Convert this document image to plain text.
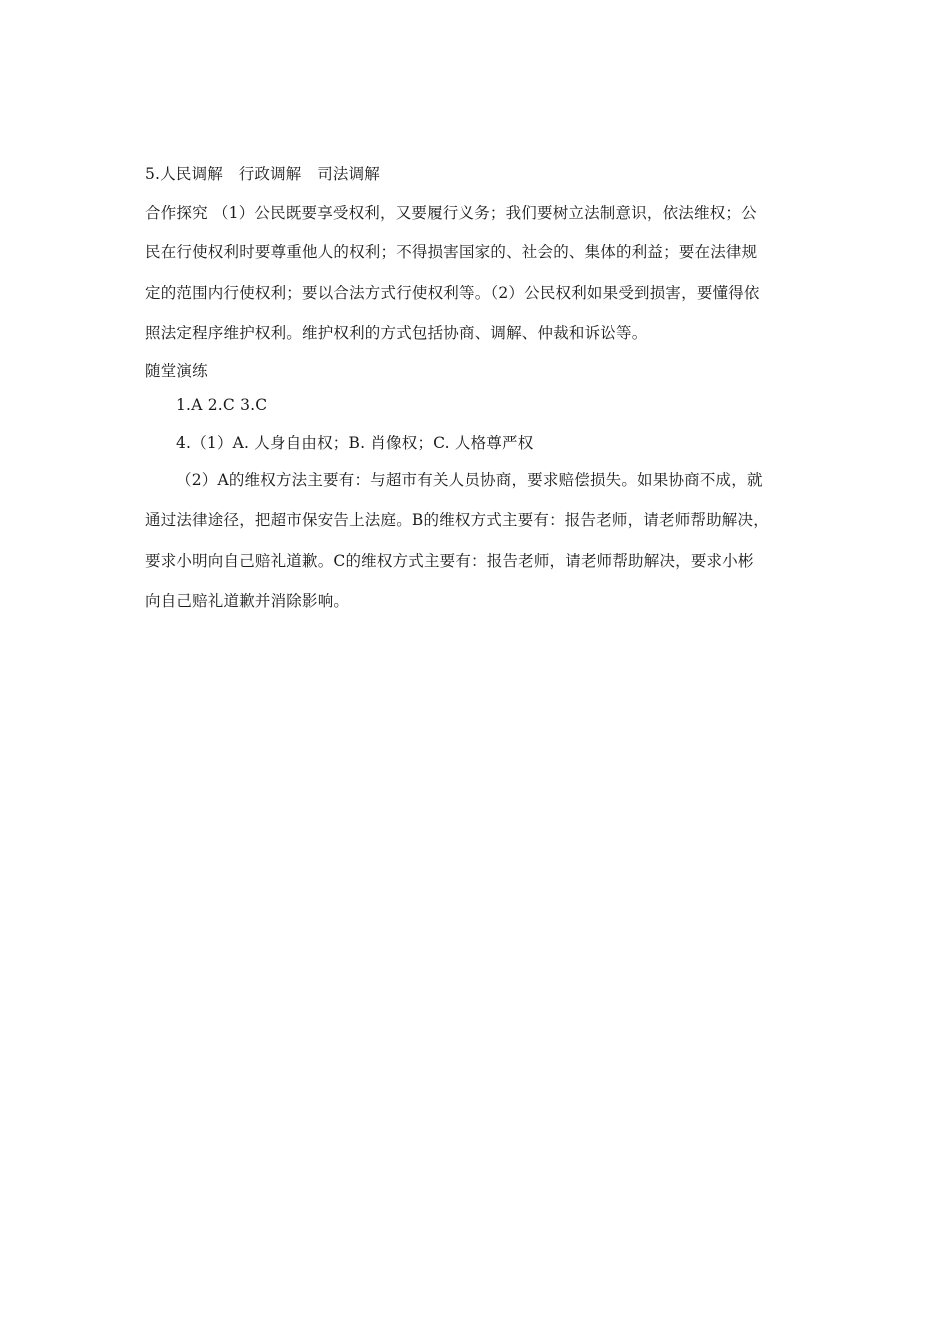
5.人民调解　行政调解　司法调解
合作探究 （1）公民既要享受权利，又要履行义务；我们要树立法制意识，依法维权；公
民在行使权利时要尊重他人的权利；不得损害国家的、社会的、集体的利益；要在法律规
定的范围内行使权利；要以合法方式行使权利等。（2）公民权利如果受到损害，要懂得依
照法定程序维护权利。维护权利的方式包括协商、调解、仲裁和诉讼等。
随堂演练
1.A 2.C 3.C
4.（1）A. 人身自由权；B. 肖像权；C. 人格尊严权
（2）A的维权方法主要有：与超市有关人员协商，要求赔偿损失。如果协商不成，就
通过法律途径，把超市保安告上法庭。B的维权方式主要有：报告老师，请老师帮助解决，
要求小明向自己赔礼道歉。C的维权方式主要有：报告老师，请老师帮助解决，要求小彬
向自己赔礼道歉并消除影响。
